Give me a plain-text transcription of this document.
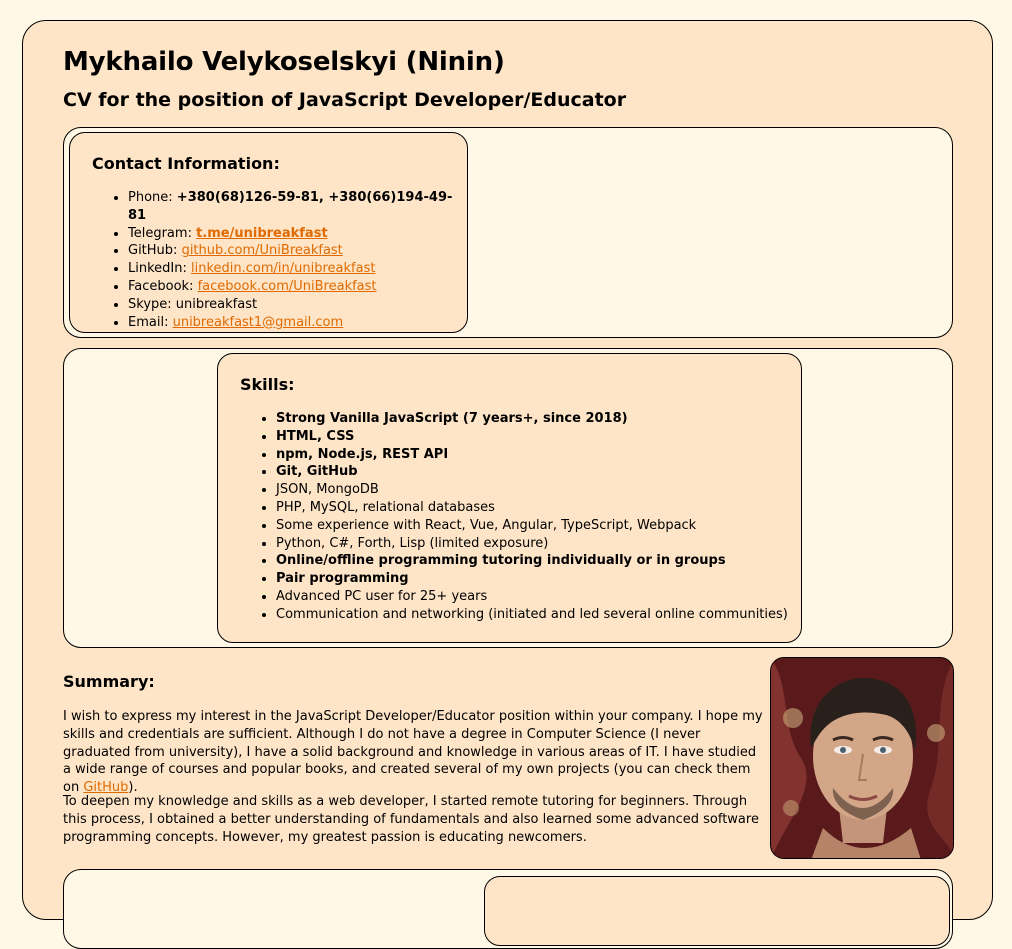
Mykhailo Velykoselskyi (Ninin)
CV for the position of JavaScript Developer/Educator
Contact Information:
• Phone: +380(68)126-59-81, +380(66)194-49-81
• Telegram: t.me/unibreakfast
• GitHub: github.com/UniBreakfast
• LinkedIn: linkedin.com/in/unibreakfast
• Facebook: facebook.com/UniBreakfast
• Skype: unibreakfast
• Email: unibreakfast1@gmail.com
Skills:
• Strong Vanilla JavaScript (7 years+, since 2018)
• HTML, CSS
• npm, Node.js, REST API
• Git, GitHub
• JSON, MongoDB
• PHP, MySQL, relational databases
• Some experience with React, Vue, Angular, TypeScript, Webpack
• Python, C#, Forth, Lisp (limited exposure)
• Online/offline programming tutoring individually or in groups
• Pair programming
• Advanced PC user for 25+ years
• Communication and networking (initiated and led several online communities)
Summary:

I wish to express my interest in the JavaScript Developer/Educator position within your company. I hope my skills and credentials are sufficient. Although I do not have a degree in Computer Science (I never graduated from university), I have a solid background and knowledge in various areas of IT. I have studied a wide range of courses and popular books, and created several of my own projects (you can check them on GitHub).

To deepen my knowledge and skills as a web developer, I started remote tutoring for beginners. Through this process, I obtained a better understanding of fundamentals and also learned some advanced software programming concepts. However, my greatest passion is educating newcomers.
